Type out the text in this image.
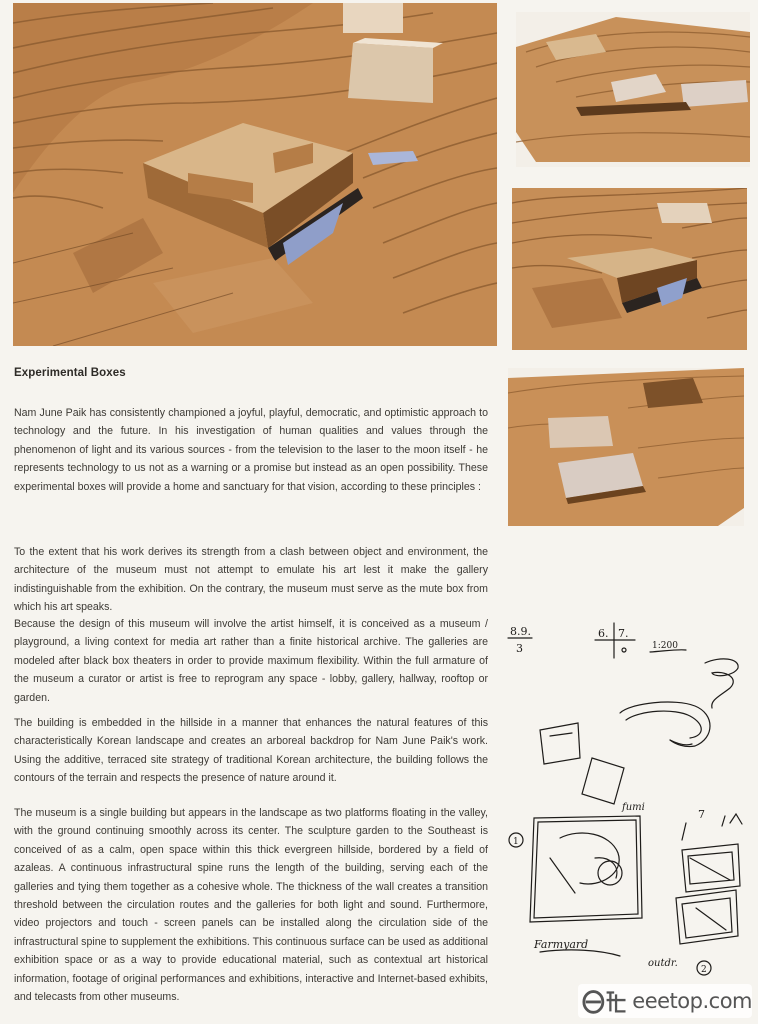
Experimental Boxes

Nam June Paik has consistently championed a joyful, playful, democratic, and optimistic approach to technology and the future. In his investigation of human qualities and values through the phenomenon of light and its various sources - from the television to the laser to the moon itself - he represents technology to us not as a warning or a promise but instead as an open possibility. These experimental boxes will provide a home and sanctuary for that vision, according to these principles :

To the extent that his work derives its strength from a clash between object and environment, the architecture of the museum must not attempt to emulate his art lest it make the gallery indistinguishable from the exhibition. On the contrary, the museum must serve as the mute box from which his art speaks.

Because the design of this museum will involve the artist himself, it is conceived as a museum / playground, a living context for media art rather than a finite historical archive. The galleries are modeled after black box theaters in order to provide maximum flexibility. Within the full armature of the museum a curator or artist is free to reprogram any space - lobby, gallery, hallway, rooftop or garden.

The building is embedded in the hillside in a manner that enhances the natural features of this characteristically Korean landscape and creates an arboreal backdrop for Nam June Paik's work. Using the additive, terraced site strategy of traditional Korean architecture, the building follows the contours of the terrain and respects the presence of nature around it.

The museum is a single building but appears in the landscape as two platforms floating in the valley, with the ground continuing smoothly across its center. The sculpture garden to the Southeast is conceived of as a calm, open space within this thick evergreen hillside, bordered by a field of azaleas. A continuous infrastructural spine runs the length of the building, serving each of the galleries and tying them together as a cohesive whole. The thickness of the wall creates a transition threshold between the circulation routes and the galleries for both light and sound. Furthermore, video projectors and touch - screen panels can be installed along the circulation side of the infrastructural spine to supplement the exhibitions. This continuous surface can be used as additional exhibition space or as a way to provide educational material, such as contextual art historical information, footage of original performances and exhibitions, interactive and Internet-based exhibits, and telecasts from other museums.

8.9.
3
6. 7.
1:200
fumi
1
7
Farmyard
outdr.
2
eeetop.com
